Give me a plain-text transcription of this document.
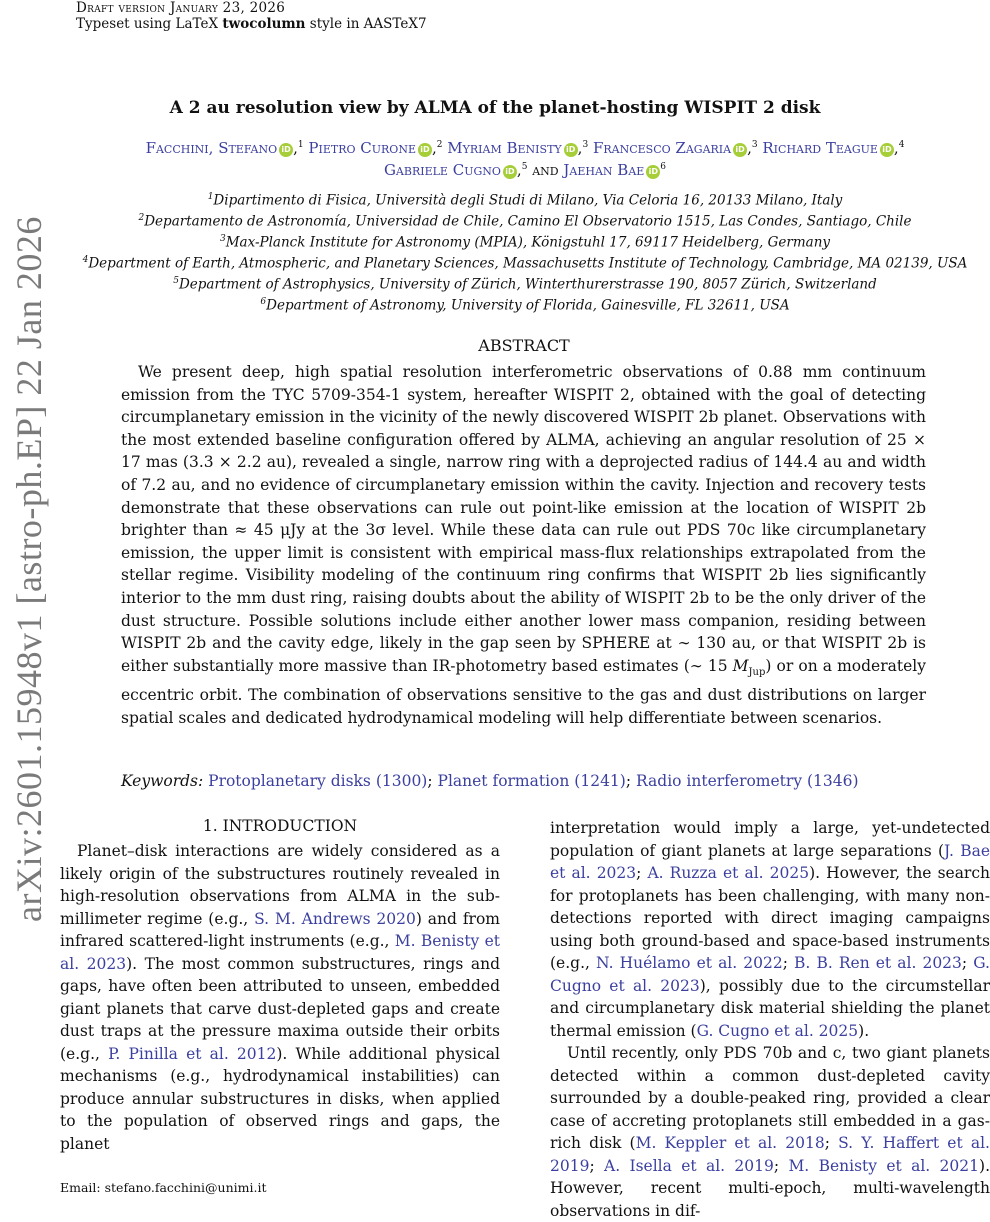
Draft version January 23, 2026
Typeset using LaTeX twocolumn style in AASTeX7
arXiv:2601.15948v1 [astro-ph.EP] 22 Jan 2026
A 2 au resolution view by ALMA of the planet-hosting WISPIT 2 disk
Facchini, Stefano iD ,$^1$ Pietro Curone iD ,$^2$ Myriam Benisty iD ,$^3$ Francesco Zagaria iD ,$^3$ Richard Teague iD ,$^4$
Gabriele Cugno iD ,$^5$ and Jaehan Bae iD $^6$
$^1$Dipartimento di Fisica, Università degli Studi di Milano, Via Celoria 16, 20133 Milano, Italy
$^2$Departamento de Astronomía, Universidad de Chile, Camino El Observatorio 1515, Las Condes, Santiago, Chile
$^3$Max-Planck Institute for Astronomy (MPIA), Königstuhl 17, 69117 Heidelberg, Germany
$^4$Department of Earth, Atmospheric, and Planetary Sciences, Massachusetts Institute of Technology, Cambridge, MA 02139, USA
$^5$Department of Astrophysics, University of Zürich, Winterthurerstrasse 190, 8057 Zürich, Switzerland
$^6$Department of Astronomy, University of Florida, Gainesville, FL 32611, USA
ABSTRACT

We present deep, high spatial resolution interferometric observations of 0.88 mm continuum emission from the TYC 5709-354-1 system, hereafter WISPIT 2, obtained with the goal of detecting circumplanetary emission in the vicinity of the newly discovered WISPIT 2b planet. Observations with the most extended baseline configuration offered by ALMA, achieving an angular resolution of 25 × 17 mas (3.3 × 2.2 au), revealed a single, narrow ring with a deprojected radius of 144.4 au and width of 7.2 au, and no evidence of circumplanetary emission within the cavity. Injection and recovery tests demonstrate that these observations can rule out point-like emission at the location of WISPIT 2b brighter than ≈ 45 μJy at the 3σ level. While these data can rule out PDS 70c like circumplanetary emission, the upper limit is consistent with empirical mass-flux relationships extrapolated from the stellar regime. Visibility modeling of the continuum ring confirms that WISPIT 2b lies significantly interior to the mm dust ring, raising doubts about the ability of WISPIT 2b to be the only driver of the dust structure. Possible solutions include either another lower mass companion, residing between WISPIT 2b and the cavity edge, likely in the gap seen by SPHERE at ∼ 130 au, or that WISPIT 2b is either substantially more massive than IR-photometry based estimates (∼ 15 $M_{Jup}$) or on a moderately eccentric orbit. The combination of observations sensitive to the gas and dust distributions on larger spatial scales and dedicated hydrodynamical modeling will help differentiate between scenarios.

Keywords: Protoplanetary disks (1300); Planet formation (1241); Radio interferometry (1346)
1. INTRODUCTION

Planet–disk interactions are widely considered as a likely origin of the substructures routinely revealed in high-resolution observations from ALMA in the sub-millimeter regime (e.g., S. M. Andrews 2020) and from infrared scattered-light instruments (e.g., M. Benisty et al. 2023). The most common substructures, rings and gaps, have often been attributed to unseen, embedded giant planets that carve dust-depleted gaps and create dust traps at the pressure maxima outside their orbits (e.g., P. Pinilla et al. 2012). While additional physical mechanisms (e.g., hydrodynamical instabilities) can produce annular substructures in disks, when applied to the population of observed rings and gaps, the planet

interpretation would imply a large, yet-undetected population of giant planets at large separations (J. Bae et al. 2023; A. Ruzza et al. 2025). However, the search for protoplanets has been challenging, with many non-detections reported with direct imaging campaigns using both ground-based and space-based instruments (e.g., N. Huélamo et al. 2022; B. B. Ren et al. 2023; G. Cugno et al. 2023), possibly due to the circumstellar and circumplanetary disk material shielding the planet thermal emission (G. Cugno et al. 2025).

Until recently, only PDS 70b and c, two giant planets detected within a common dust-depleted cavity surrounded by a double-peaked ring, provided a clear case of accreting protoplanets still embedded in a gas-rich disk (M. Keppler et al. 2018; S. Y. Haffert et al. 2019; A. Isella et al. 2019; M. Benisty et al. 2021). However, recent multi-epoch, multi-wavelength observations in dif-

Email: stefano.facchini@unimi.it
